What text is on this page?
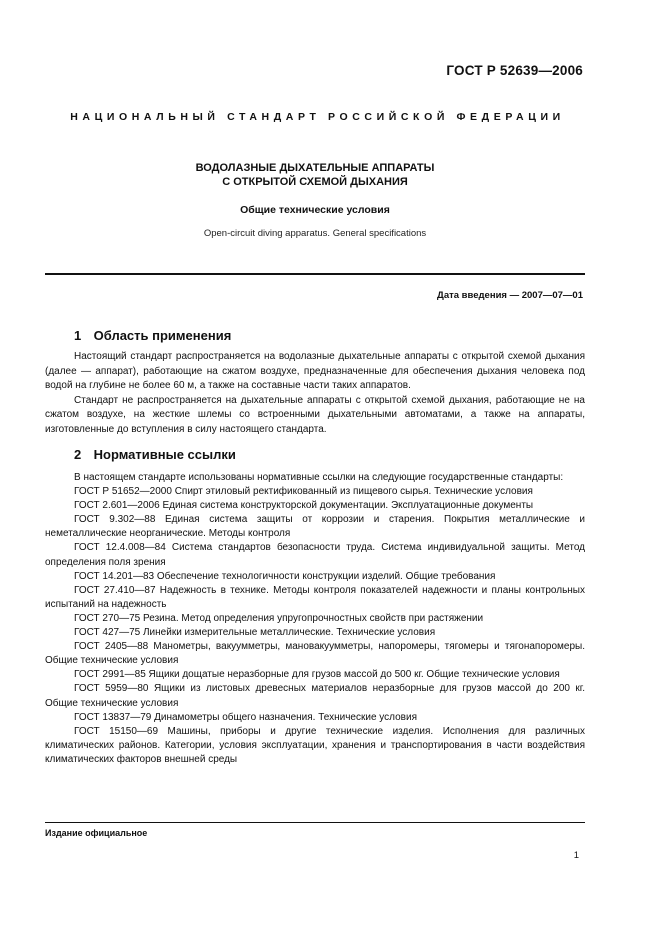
ГОСТ Р 52639—2006
НАЦИОНАЛЬНЫЙ СТАНДАРТ РОССИЙСКОЙ ФЕДЕРАЦИИ
ВОДОЛАЗНЫЕ ДЫХАТЕЛЬНЫЕ АППАРАТЫ
С ОТКРЫТОЙ СХЕМОЙ ДЫХАНИЯ
Общие технические условия
Open-circuit diving apparatus. General specifications
Дата введения — 2007—07—01
1 Область применения

Настоящий стандарт распространяется на водолазные дыхательные аппараты с открытой схемой дыхания (далее — аппарат), работающие на сжатом воздухе, предназначенные для обеспечения дыхания человека под водой на глубине не более 60 м, а также на составные части таких аппаратов.

Стандарт не распространяется на дыхательные аппараты с открытой схемой дыхания, работающие не на сжатом воздухе, на жесткие шлемы со встроенными дыхательными автоматами, а также на аппараты, изготовленные до вступления в силу настоящего стандарта.

2 Нормативные ссылки

В настоящем стандарте использованы нормативные ссылки на следующие государственные стандарты:

ГОСТ Р 51652—2000 Спирт этиловый ректификованный из пищевого сырья. Технические условия

ГОСТ 2.601—2006 Единая система конструкторской документации. Эксплуатационные документы

ГОСТ 9.302—88 Единая система защиты от коррозии и старения. Покрытия металлические и неметаллические неорганические. Методы контроля

ГОСТ 12.4.008—84 Система стандартов безопасности труда. Система индивидуальной защиты. Метод определения поля зрения

ГОСТ 14.201—83 Обеспечение технологичности конструкции изделий. Общие требования

ГОСТ 27.410—87 Надежность в технике. Методы контроля показателей надежности и планы контрольных испытаний на надежность

ГОСТ 270—75 Резина. Метод определения упругопрочностных свойств при растяжении

ГОСТ 427—75 Линейки измерительные металлические. Технические условия

ГОСТ 2405—88 Манометры, вакуумметры, мановакуумметры, напоромеры, тягомеры и тягонапоромеры. Общие технические условия

ГОСТ 2991—85 Ящики дощатые неразборные для грузов массой до 500 кг. Общие технические условия

ГОСТ 5959—80 Ящики из листовых древесных материалов неразборные для грузов массой до 200 кг. Общие технические условия

ГОСТ 13837—79 Динамометры общего назначения. Технические условия

ГОСТ 15150—69 Машины, приборы и другие технические изделия. Исполнения для различных климатических районов. Категории, условия эксплуатации, хранения и транспортирования в части воздействия климатических факторов внешней среды

Издание официальное
1
